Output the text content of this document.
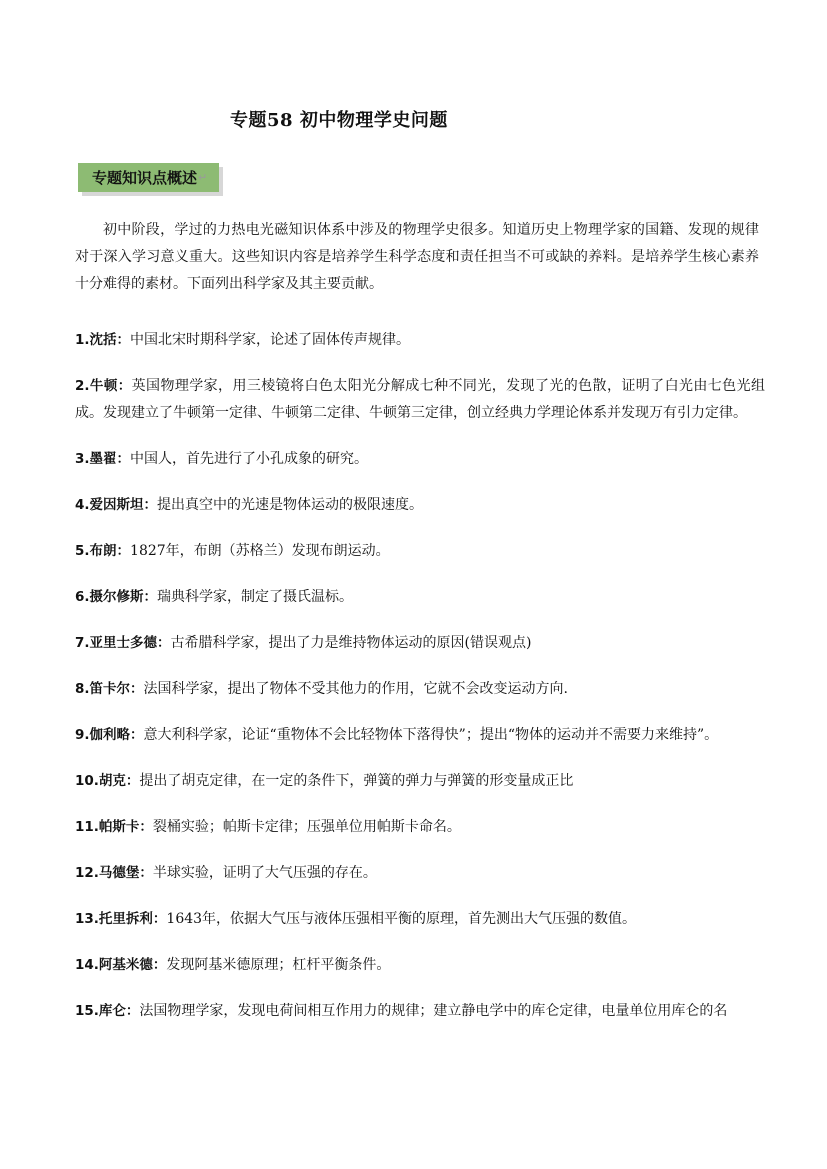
专题58 初中物理学史问题
专题知识点概述 ↵

初中阶段，学过的力热电光磁知识体系中涉及的物理学史很多。知道历史上物理学家的国籍、发现的规律对于深入学习意义重大。这些知识内容是培养学生科学态度和责任担当不可或缺的养料。是培养学生核心素养十分难得的素材。下面列出科学家及其主要贡献。

1.沈括：中国北宋时期科学家，论述了固体传声规律。
2.牛顿：英国物理学家，用三棱镜将白色太阳光分解成七种不同光，发现了光的色散，证明了白光由七色光组成。发现建立了牛顿第一定律、牛顿第二定律、牛顿第三定律，创立经典力学理论体系并发现万有引力定律。
3.墨翟：中国人，首先进行了小孔成象的研究。
4.爱因斯坦：提出真空中的光速是物体运动的极限速度。
5.布朗：1827年，布朗（苏格兰）发现布朗运动。
6.摄尔修斯：瑞典科学家，制定了摄氏温标。
7.亚里士多德：古希腊科学家，提出了力是维持物体运动的原因(错误观点)
8.笛卡尔：法国科学家，提出了物体不受其他力的作用，它就不会改变运动方向.
9.伽利略：意大利科学家，论证“重物体不会比轻物体下落得快”；提出“物体的运动并不需要力来维持”。
10.胡克：提出了胡克定律，在一定的条件下，弹簧的弹力与弹簧的形变量成正比
11.帕斯卡：裂桶实验；帕斯卡定律；压强单位用帕斯卡命名。
12.马德堡：半球实验，证明了大气压强的存在。
13.托里拆利：1643年，依据大气压与液体压强相平衡的原理，首先测出大气压强的数值。
14.阿基米德：发现阿基米德原理；杠杆平衡条件。
15.库仑：法国物理学家，发现电荷间相互作用力的规律；建立静电学中的库仑定律，电量单位用库仑的名
